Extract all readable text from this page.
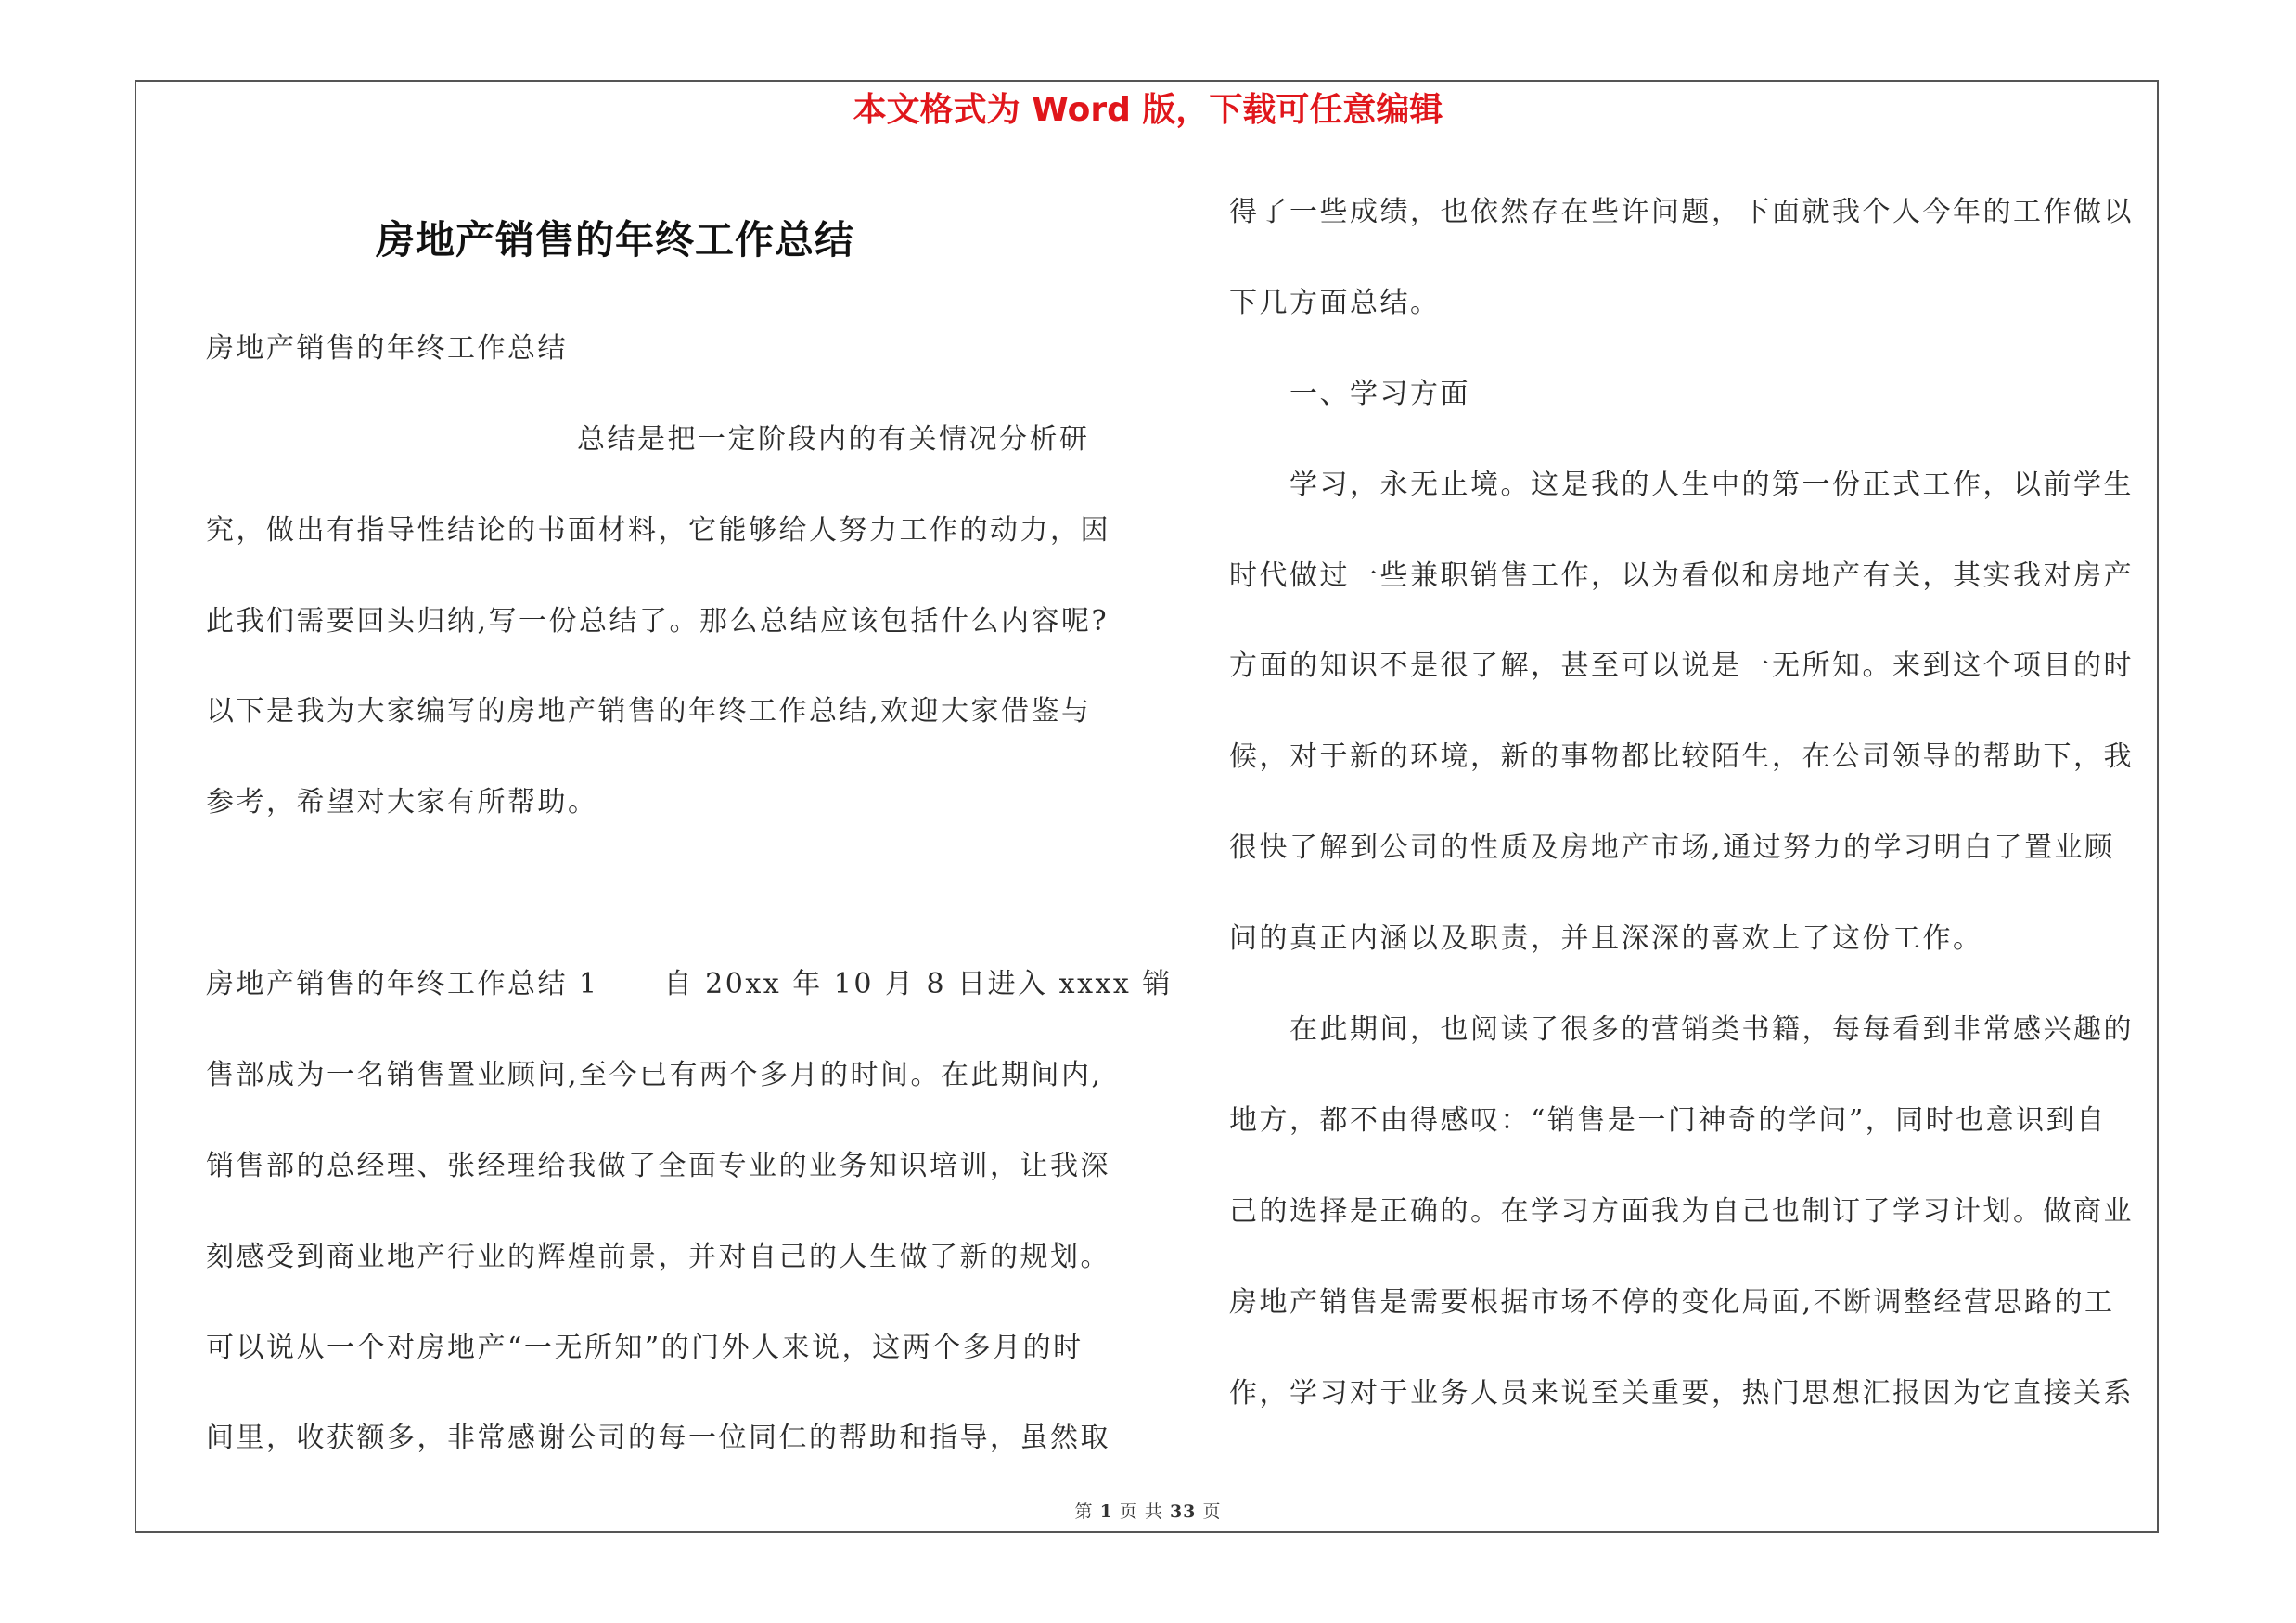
本文格式为 Word 版，下载可任意编辑
房地产销售的年终工作总结
房地产销售的年终工作总结
总结是把一定阶段内的有关情况分析研
究，做出有指导性结论的书面材料，它能够给人努力工作的动力，因
此我们需要回头归纳,写一份总结了。那么总结应该包括什么内容呢?
以下是我为大家编写的房地产销售的年终工作总结,欢迎大家借鉴与
参考，希望对大家有所帮助。
房地产销售的年终工作总结 1 自 20xx 年 10 月 8 日进入 xxxx 销
售部成为一名销售置业顾问,至今已有两个多月的时间。在此期间内,
销售部的总经理、张经理给我做了全面专业的业务知识培训，让我深
刻感受到商业地产行业的辉煌前景，并对自己的人生做了新的规划。
可以说从一个对房地产“一无所知”的门外人来说，这两个多月的时
间里，收获额多，非常感谢公司的每一位同仁的帮助和指导，虽然取
得了一些成绩，也依然存在些许问题，下面就我个人今年的工作做以
下几方面总结。
一、学习方面
学习，永无止境。这是我的人生中的第一份正式工作，以前学生
时代做过一些兼职销售工作，以为看似和房地产有关，其实我对房产
方面的知识不是很了解，甚至可以说是一无所知。来到这个项目的时
候，对于新的环境，新的事物都比较陌生，在公司领导的帮助下，我
很快了解到公司的性质及房地产市场,通过努力的学习明白了置业顾
问的真正内涵以及职责，并且深深的喜欢上了这份工作。
在此期间，也阅读了很多的营销类书籍，每每看到非常感兴趣的
地方，都不由得感叹：“销售是一门神奇的学问”，同时也意识到自
己的选择是正确的。在学习方面我为自己也制订了学习计划。做商业
房地产销售是需要根据市场不停的变化局面,不断调整经营思路的工
作，学习对于业务人员来说至关重要，热门思想汇报因为它直接关系
第 1 页 共 33 页
